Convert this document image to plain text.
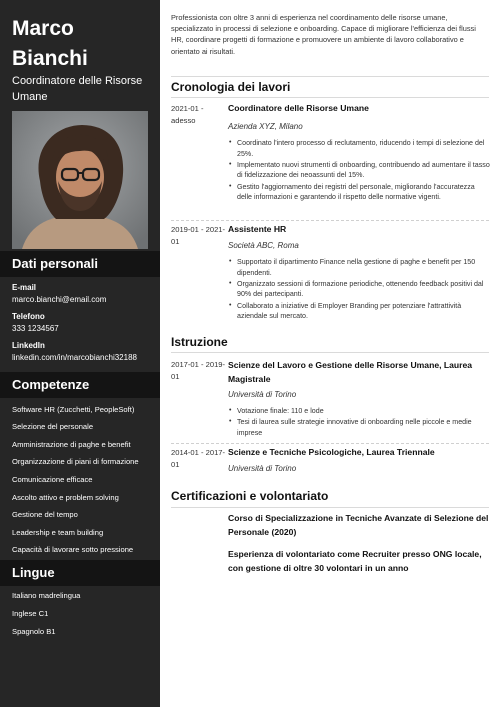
Marco
Bianchi
Coordinatore delle Risorse Umane
Dati personali
E-mail
marco.bianchi@email.com
Telefono
333 1234567
LinkedIn
linkedin.com/in/marcobianchi32188
Competenze
Software HR (Zucchetti, PeopleSoft)
Selezione del personale
Amministrazione di paghe e benefit
Organizzazione di piani di formazione
Comunicazione efficace
Ascolto attivo e problem solving
Gestione del tempo
Leadership e team building
Capacità di lavorare sotto pressione
Lingue
Italiano madrelingua
Inglese C1
Spagnolo B1
Professionista con oltre 3 anni di esperienza nel coordinamento delle risorse umane, specializzato in processi di selezione e onboarding. Capace di migliorare l'efficienza dei flussi HR, coordinare progetti di formazione e promuovere un ambiente di lavoro collaborativo e orientato ai risultati.
Cronologia dei lavori
2021-01 - adesso
Coordinatore delle Risorse Umane
Azienda XYZ, Milano
• Coordinato l'intero processo di reclutamento, riducendo i tempi di selezione del 25%.
• Implementato nuovi strumenti di onboarding, contribuendo ad aumentare il tasso di fidelizzazione dei neoassunti del 15%.
• Gestito l'aggiornamento dei registri del personale, migliorando l'accuratezza delle informazioni e garantendo il rispetto delle normative vigenti.
2019-01 - 2021-01
Assistente HR
Società ABC, Roma
• Supportato il dipartimento Finance nella gestione di paghe e benefit per 150 dipendenti.
• Organizzato sessioni di formazione periodiche, ottenendo feedback positivi dal 90% dei partecipanti.
• Collaborato a iniziative di Employer Branding per potenziare l'attrattività aziendale sul mercato.
Istruzione
2017-01 - 2019-01
Scienze del Lavoro e Gestione delle Risorse Umane, Laurea Magistrale
Università di Torino
• Votazione finale: 110 e lode
• Tesi di laurea sulle strategie innovative di onboarding nelle piccole e medie imprese
2014-01 - 2017-01
Scienze e Tecniche Psicologiche, Laurea Triennale
Università di Torino
Certificazioni e volontariato
Corso di Specializzazione in Tecniche Avanzate di Selezione del Personale (2020)
Esperienza di volontariato come Recruiter presso ONG locale, con gestione di oltre 30 volontari in un anno
